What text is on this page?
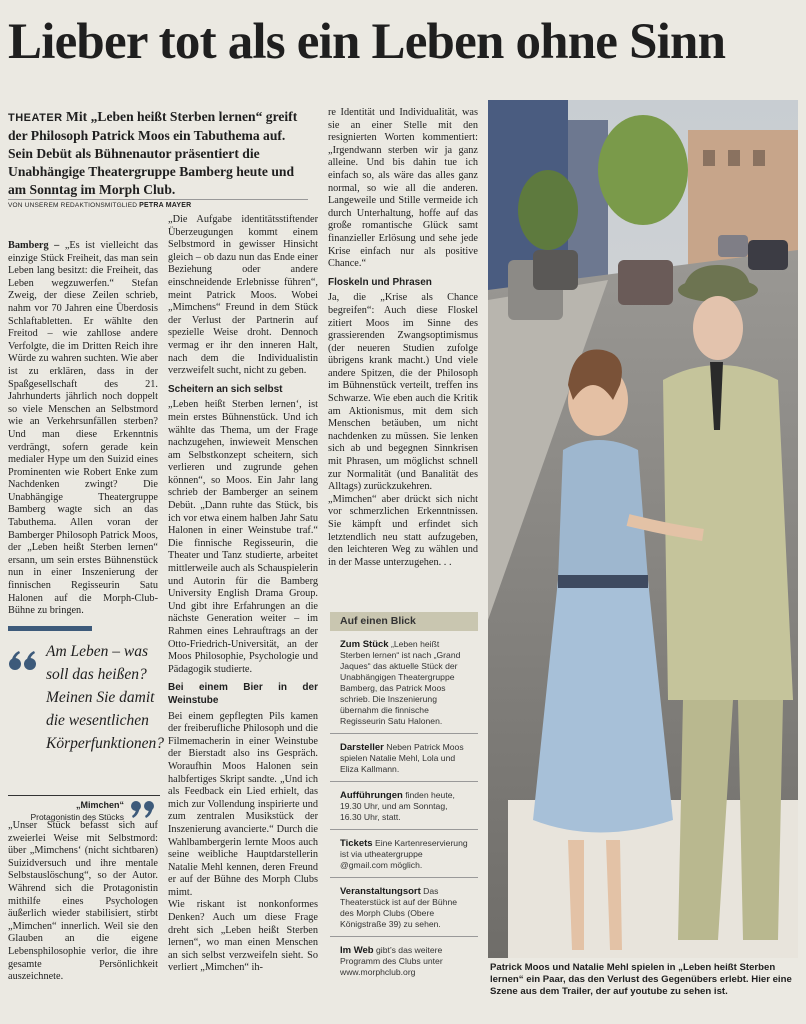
Lieber tot als ein Leben ohne Sinn
THEATER Mit „Leben heißt Sterben lernen“ greift der Philosoph Patrick Moos ein Tabuthema auf. Sein Debüt als Bühnenautor präsentiert die Unabhängige Theatergruppe Bamberg heute und am Sonntag im Morph Club.
VON UNSEREM REDAKTIONSMITGLIED PETRA MAYER

Bamberg – „Es ist vielleicht das einzige Stück Freiheit, das man sein Leben lang besitzt: die Freiheit, das Leben wegzuwerfen.“ Stefan Zweig, der diese Zeilen schrieb, nahm vor 70 Jahren eine Überdosis Schlaftabletten. Er wählte den Freitod – wie zahllose andere Verfolgte, die im Dritten Reich ihre Würde zu wahren suchten. Wie aber ist zu erklären, dass in der Spaßgesellschaft des 21. Jahrhunderts jährlich noch doppelt so viele Menschen an Selbstmord wie an Verkehrsunfällen sterben? Und man diese Erkenntnis verdrängt, sofern gerade kein medialer Hype um den Suizid eines Prominenten wie Robert Enke zum Nachdenken zwingt? Die Unabhängige Theatergruppe Bamberg wagte sich an das Tabuthema. Allen voran der Bamberger Philosoph Patrick Moos, der „Leben heißt Sterben lernen“ ersann, um sein erstes Bühnenstück nun in einer Inszenierung der finnischen Regisseurin Satu Halonen auf die Morph-Club-Bühne zu bringen.

Am Leben – was soll das heißen? Meinen Sie damit die wesentlichen Körperfunktionen?
„Mimchen“
Protagonistin des Stücks

„Unser Stück befasst sich auf zweierlei Weise mit Selbstmord: über „Mimchens‘ (nicht sichtbaren) Suizidversuch und ihre mentale Selbstauslöschung“, so der Autor. Während sich die Protagonistin mithilfe eines Psychologen äußerlich wieder stabilisiert, stirbt „Mimchen“ innerlich. Weil sie den Glauben an die eigene Lebensphilosophie verlor, die ihre gesamte Persönlichkeit auszeichnete.

„Die Aufgabe identitätsstiftender Überzeugungen kommt einem Selbstmord in gewisser Hinsicht gleich – ob dazu nun das Ende einer Beziehung oder andere einschneidende Erlebnisse führen“, meint Patrick Moos. Wobei „Mimchens“ Freund in dem Stück der Verlust der Partnerin auf spezielle Weise droht. Dennoch vermag er ihr den inneren Halt, nach dem die Individualistin verzweifelt sucht, nicht zu geben.

Scheitern an sich selbst

„Leben heißt Sterben lernen‘, ist mein erstes Bühnenstück. Und ich wählte das Thema, um der Frage nachzugehen, inwieweit Menschen am Selbstkonzept scheitern, sich verlieren und zugrunde gehen können“, so Moos. Ein Jahr lang schrieb der Bamberger an seinem Debüt. „Dann ruhte das Stück, bis ich vor etwa einem halben Jahr Satu Halonen in einer Weinstube traf.“ Die finnische Regisseurin, die Theater und Tanz studierte, arbeitet mittlerweile auch als Schauspielerin und Autorin für die Bamberg University English Drama Group. Und gibt ihre Erfahrungen an die nächste Generation weiter – im Rahmen eines Lehrauftrags an der Otto-Friedrich-Universität, an der Moos Philosophie, Psychologie und Pädagogik studierte.

Bei einem Bier in der Weinstube

Bei einem gepflegten Pils kamen der freiberufliche Philosoph und die Filmemacherin in einer Weinstube der Bierstadt also ins Gespräch. Woraufhin Moos Halonen sein halbfertiges Skript sandte. „Und ich als Feedback ein Lied erhielt, das mich zur Vollendung inspirierte und zum zentralen Musikstück der Inszenierung avancierte.“ Durch die Wahlbambergerin lernte Moos auch seine weibliche Hauptdarstellerin Natalie Mehl kennen, deren Freund er auf der Bühne des Morph Clubs mimt.

Wie riskant ist nonkonformes Denken? Auch um diese Frage dreht sich „Leben heißt Sterben lernen“, wo man einen Menschen an sich selbst verzweifeln sieht. So verliert „Mimchen“ ih-

re Identität und Individualität, was sie an einer Stelle mit den resignierten Worten kommentiert: „Irgendwann sterben wir ja ganz alleine. Und bis dahin tue ich einfach so, als wäre das alles ganz normal, so wie all die anderen. Langeweile und Stille vermeide ich durch Unterhaltung, hoffe auf das große romantische Glück samt finanzieller Erlösung und sehe jede Krise einfach nur als positive Chance.“

Floskeln und Phrasen

Ja, die „Krise als Chance begreifen“: Auch diese Floskel zitiert Moos im Sinne des grassierenden Zwangsoptimismus (der neueren Studien zufolge übrigens krank macht.) Und viele andere Spitzen, die der Philosoph im Bühnenstück verteilt, treffen ins Schwarze. Wie eben auch die Kritik am Aktionismus, mit dem sich Menschen betäuben, um nicht nachdenken zu müssen. Sie lenken sich ab und begegnen Sinnkrisen mit Phrasen, um möglichst schnell zur Normalität (und Banalität des Alltags) zurückzukehren.

„Mimchen“ aber drückt sich nicht vor schmerzlichen Erkenntnissen. Sie kämpft und erfindet sich letztendlich neu statt aufzugeben, den leichteren Weg zu wählen und in der Masse unterzugehen. . .

Auf einen Blick
Zum Stück „Leben heißt Sterben lernen“ ist nach „Grand Jaques“ das aktuelle Stück der Unabhängigen Theatergruppe Bamberg, das Patrick Moos schrieb. Die Inszenierung übernahm die finnische Regisseurin Satu Halonen.
Darsteller Neben Patrick Moos spielen Natalie Mehl, Lola und Eliza Kallmann.
Aufführungen finden heute, 19.30 Uhr, und am Sonntag, 16.30 Uhr, statt.
Tickets Eine Kartenreservierung ist via utheatergruppe @gmail.com möglich.
Veranstaltungsort Das Theaterstück ist auf der Bühne des Morph Clubs (Obere Königstraße 39) zu sehen.
Im Web gibt’s das weitere Programm des Clubs unter www.morphclub.org	Patrick Moos und Natalie Mehl spielen in „Leben heißt Sterben lernen“ ein Paar, das den Verlust des Gegenübers erlebt. Hier eine Szene aus dem Trailer, der auf youtube zu sehen ist.
